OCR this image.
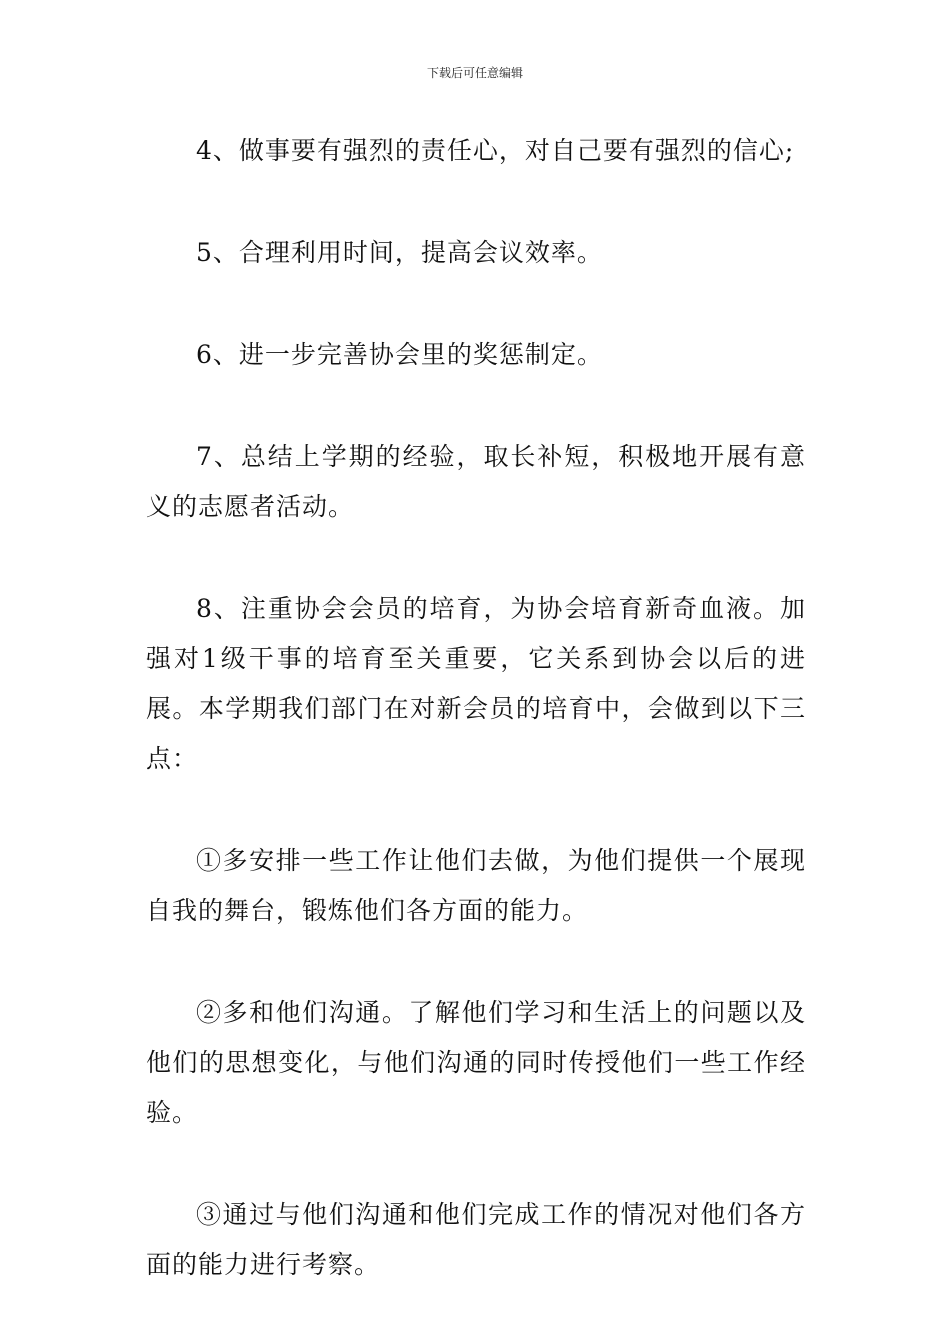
下载后可任意编辑

4、做事要有强烈的责任心，对自己要有强烈的信心;

5、合理利用时间，提高会议效率。

6、进一步完善协会里的奖惩制定。

7、总结上学期的经验，取长补短，积极地开展有意义的志愿者活动。

8、注重协会会员的培育，为协会培育新奇血液。加强对1级干事的培育至关重要，它关系到协会以后的进展。本学期我们部门在对新会员的培育中，会做到以下三点：

①多安排一些工作让他们去做，为他们提供一个展现自我的舞台，锻炼他们各方面的能力。

②多和他们沟通。了解他们学习和生活上的问题以及他们的思想变化，与他们沟通的同时传授他们一些工作经验。

③通过与他们沟通和他们完成工作的情况对他们各方面的能力进行考察。
